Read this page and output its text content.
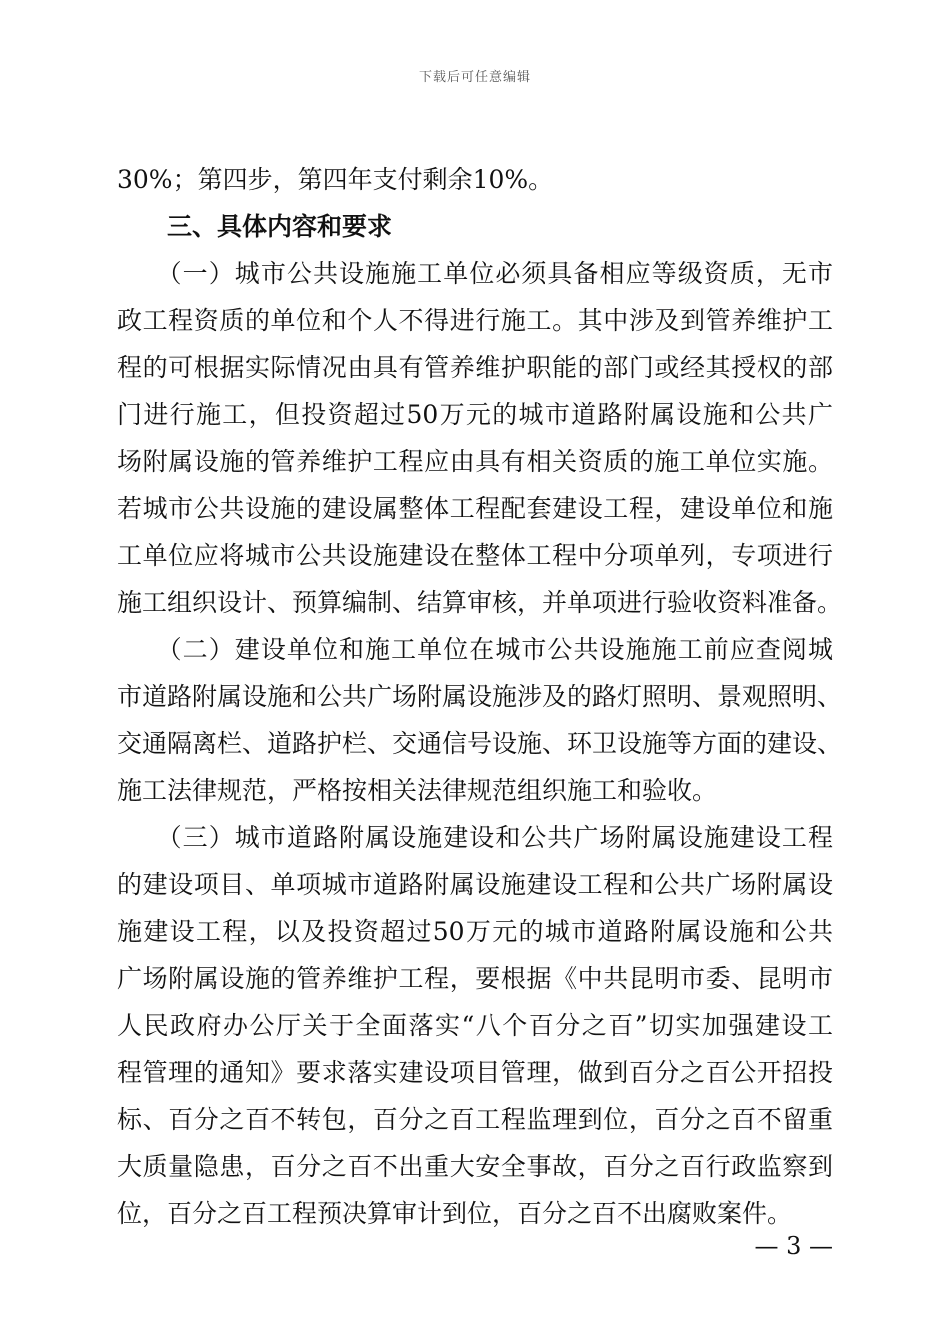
下载后可任意编辑
30%；第四步，第四年支付剩余10%。
　　三、具体内容和要求
　　（一）城市公共设施施工单位必须具备相应等级资质，无市
政工程资质的单位和个人不得进行施工。其中涉及到管养维护工
程的可根据实际情况由具有管养维护职能的部门或经其授权的部
门进行施工，但投资超过50万元的城市道路附属设施和公共广
场附属设施的管养维护工程应由具有相关资质的施工单位实施。
若城市公共设施的建设属整体工程配套建设工程，建设单位和施
工单位应将城市公共设施建设在整体工程中分项单列，专项进行
施工组织设计、预算编制、结算审核，并单项进行验收资料准备。
　　（二）建设单位和施工单位在城市公共设施施工前应查阅城
市道路附属设施和公共广场附属设施涉及的路灯照明、景观照明、
交通隔离栏、道路护栏、交通信号设施、环卫设施等方面的建设、
施工法律规范，严格按相关法律规范组织施工和验收。
　　（三）城市道路附属设施建设和公共广场附属设施建设工程
的建设项目、单项城市道路附属设施建设工程和公共广场附属设
施建设工程，以及投资超过50万元的城市道路附属设施和公共
广场附属设施的管养维护工程，要根据《中共昆明市委、昆明市
人民政府办公厅关于全面落实“八个百分之百”切实加强建设工
程管理的通知》要求落实建设项目管理，做到百分之百公开招投
标、百分之百不转包，百分之百工程监理到位，百分之百不留重
大质量隐患，百分之百不出重大安全事故，百分之百行政监察到
位，百分之百工程预决算审计到位，百分之百不出腐败案件。
— 3 —
